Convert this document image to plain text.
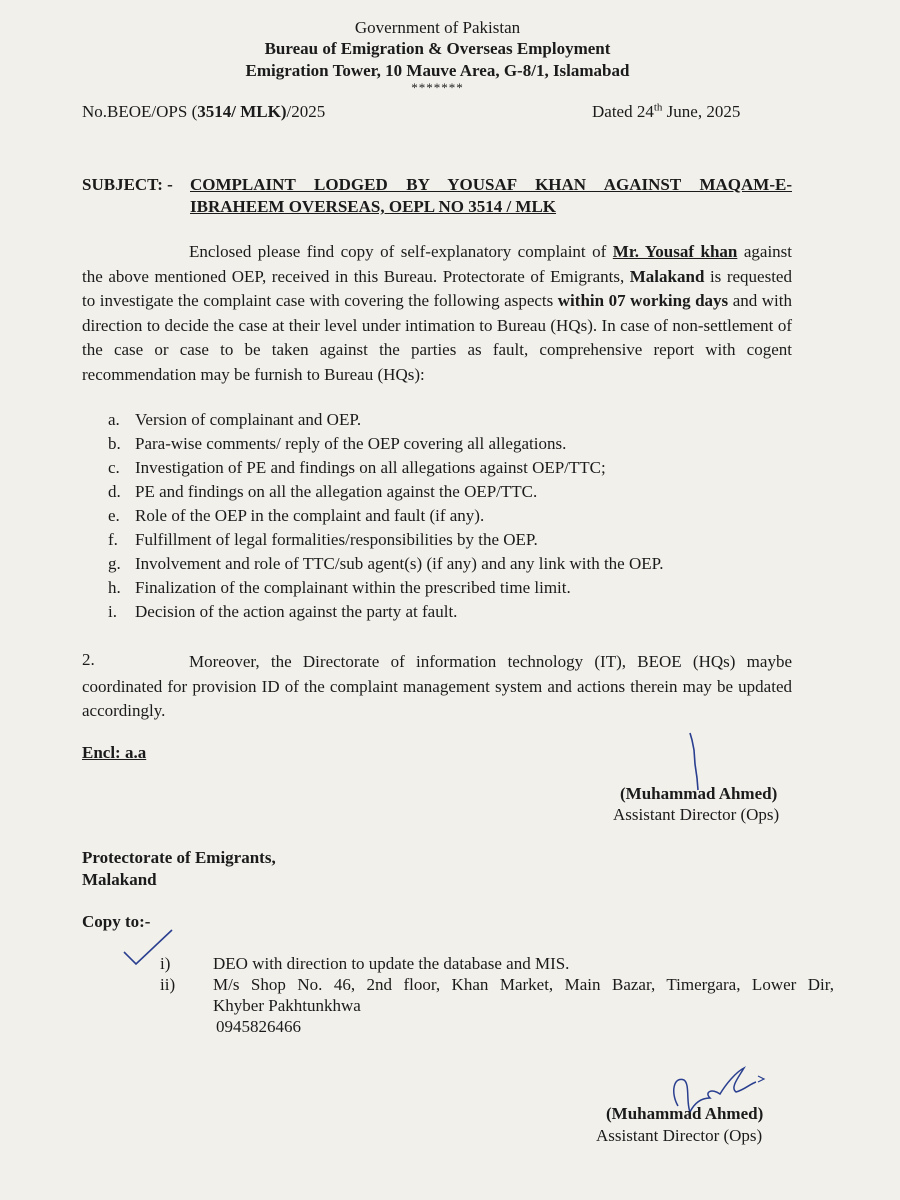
Government of Pakistan
Bureau of Emigration & Overseas Employment
Emigration Tower, 10 Mauve Area, G-8/1, Islamabad
*******
No.BEOE/OPS (3514/ MLK)/2025	Dated 24th June, 2025
SUBJECT: - COMPLAINT LODGED BY YOUSAF KHAN AGAINST MAQAM-E-
IBRAHEEM OVERSEAS, OEPL NO 3514 / MLK

Enclosed please find copy of self-explanatory complaint of Mr. Yousaf khan against the above mentioned OEP, received in this Bureau. Protectorate of Emigrants, Malakand is requested to investigate the complaint case with covering the following aspects within 07 working days and with direction to decide the case at their level under intimation to Bureau (HQs). In case of non-settlement of the case or case to be taken against the parties as fault, comprehensive report with cogent recommendation may be furnish to Bureau (HQs):

a. Version of complainant and OEP.
b. Para-wise comments/ reply of the OEP covering all allegations.
c. Investigation of PE and findings on all allegations against OEP/TTC;
d. PE and findings on all the allegation against the OEP/TTC.
e. Role of the OEP in the complaint and fault (if any).
f. Fulfillment of legal formalities/responsibilities by the OEP.
g. Involvement and role of TTC/sub agent(s) (if any) and any link with the OEP.
h. Finalization of the complainant within the prescribed time limit.
i. Decision of the action against the party at fault.
2.	Moreover, the Directorate of information technology (IT), BEOE (HQs) maybe coordinated for provision ID of the complaint management system and actions therein may be updated accordingly.

Encl: a.a
(Muhammad Ahmed)
Assistant Director (Ops)
Protectorate of Emigrants,
Malakand
Copy to:-
i)	DEO with direction to update the database and MIS.
ii) M/s Shop No. 46, 2nd floor, Khan Market, Main Bazar, Timergara, Lower Dir,
Khyber Pakhtunkhwa
0945826466
(Muhammad Ahmed)
Assistant Director (Ops)
